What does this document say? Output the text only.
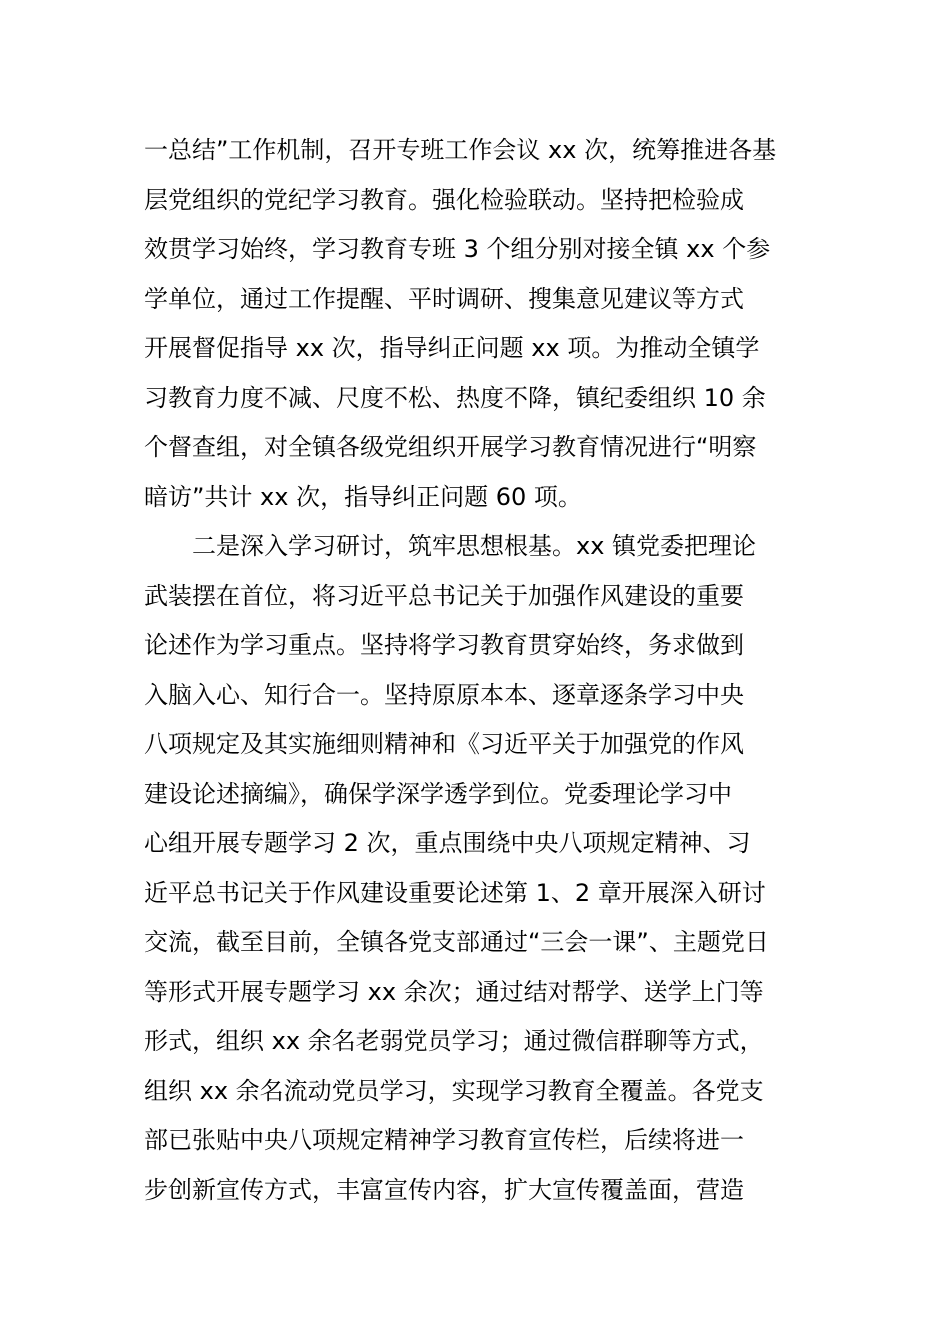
一总结”工作机制，召开专班工作会议 xx 次，统筹推进各基
层党组织的党纪学习教育。强化检验联动。坚持把检验成
效贯学习始终，学习教育专班 3 个组分别对接全镇 xx 个参
学单位，通过工作提醒、平时调研、搜集意见建议等方式
开展督促指导 xx 次，指导纠正问题 xx 项。为推动全镇学
习教育力度不减、尺度不松、热度不降，镇纪委组织 10 余
个督查组，对全镇各级党组织开展学习教育情况进行“明察
暗访”共计 xx 次，指导纠正问题 60 项。
二是深入学习研讨，筑牢思想根基。xx 镇党委把理论
武装摆在首位，将习近平总书记关于加强作风建设的重要
论述作为学习重点。坚持将学习教育贯穿始终，务求做到
入脑入心、知行合一。坚持原原本本、逐章逐条学习中央
八项规定及其实施细则精神和《习近平关于加强党的作风
建设论述摘编》，确保学深学透学到位。党委理论学习中
心组开展专题学习 2 次，重点围绕中央八项规定精神、习
近平总书记关于作风建设重要论述第 1、2 章开展深入研讨
交流，截至目前，全镇各党支部通过“三会一课”、主题党日
等形式开展专题学习 xx 余次；通过结对帮学、送学上门等
形式，组织 xx 余名老弱党员学习；通过微信群聊等方式，
组织 xx 余名流动党员学习，实现学习教育全覆盖。各党支
部已张贴中央八项规定精神学习教育宣传栏，后续将进一
步创新宣传方式，丰富宣传内容，扩大宣传覆盖面，营造
